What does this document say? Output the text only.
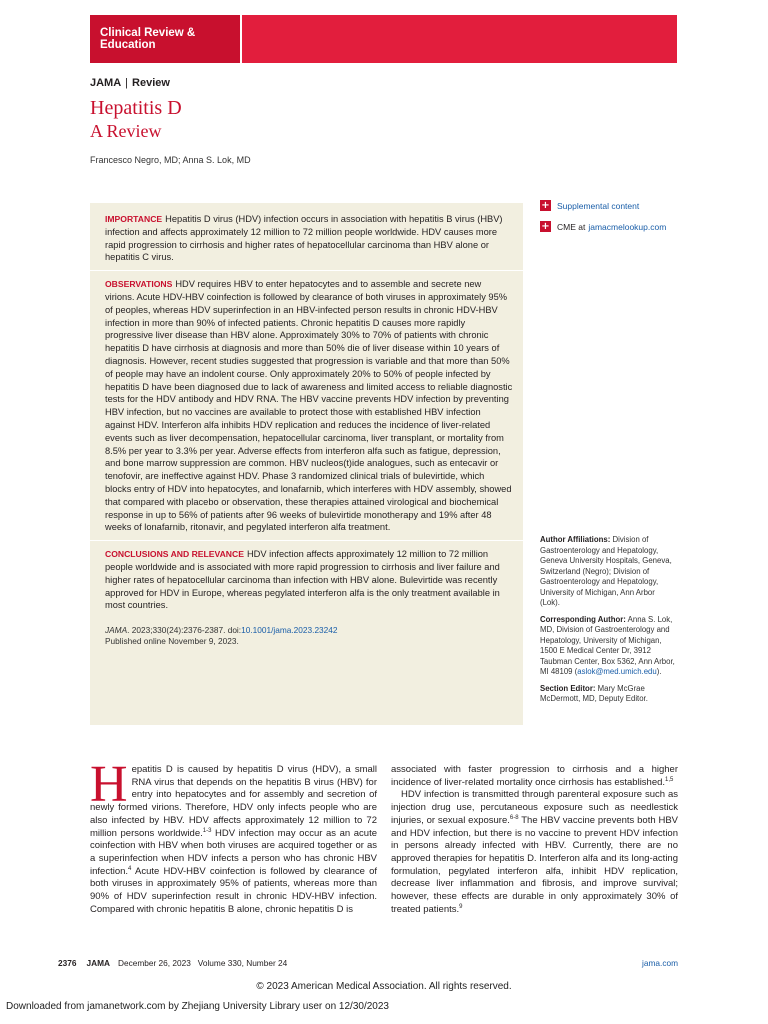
Clinical Review & Education
JAMA | Review
Hepatitis D
A Review
Francesco Negro, MD; Anna S. Lok, MD

IMPORTANCE Hepatitis D virus (HDV) infection occurs in association with hepatitis B virus (HBV) infection and affects approximately 12 million to 72 million people worldwide. HDV causes more rapid progression to cirrhosis and higher rates of hepatocellular carcinoma than HBV alone or hepatitis C virus.

OBSERVATIONS HDV requires HBV to enter hepatocytes and to assemble and secrete new virions. Acute HDV-HBV coinfection is followed by clearance of both viruses in approximately 95% of peoples, whereas HDV superinfection in an HBV-infected person results in chronic HDV-HBV infection in more than 90% of infected patients. Chronic hepatitis D causes more rapidly progressive liver disease than HBV alone. Approximately 30% to 70% of patients with chronic hepatitis D have cirrhosis at diagnosis and more than 50% die of liver disease within 10 years of diagnosis. However, recent studies suggested that progression is variable and that more than 50% of people may have an indolent course. Only approximately 20% to 50% of people infected by hepatitis D have been diagnosed due to lack of awareness and limited access to reliable diagnostic tests for the HDV antibody and HDV RNA. The HBV vaccine prevents HDV infection by preventing HBV infection, but no vaccines are available to protect those with established HBV infection against HDV. Interferon alfa inhibits HDV replication and reduces the incidence of liver-related events such as liver decompensation, hepatocellular carcinoma, liver transplant, or mortality from 8.5% per year to 3.3% per year. Adverse effects from interferon alfa such as fatigue, depression, and bone marrow suppression are common. HBV nucleos(t)ide analogues, such as entecavir or tenofovir, are ineffective against HDV. Phase 3 randomized clinical trials of bulevirtide, which blocks entry of HDV into hepatocytes, and lonafarnib, which interferes with HDV assembly, showed that compared with placebo or observation, these therapies attained virological and biochemical response in up to 56% of patients after 96 weeks of bulevirtide monotherapy and 19% after 48 weeks of lonafarnib, ritonavir, and pegylated interferon alfa treatment.

CONCLUSIONS AND RELEVANCE HDV infection affects approximately 12 million to 72 million people worldwide and is associated with more rapid progression to cirrhosis and liver failure and higher rates of hepatocellular carcinoma than infection with HBV alone. Bulevirtide was recently approved for HDV in Europe, whereas pegylated interferon alfa is the only treatment available in most countries.

JAMA. 2023;330(24):2376-2387. doi:10.1001/jama.2023.23242
Published online November 9, 2023.
+ Supplemental content
+ CME at jamacmelookup.com

Author Affiliations: Division of Gastroenterology and Hepatology, Geneva University Hospitals, Geneva, Switzerland (Negro); Division of Gastroenterology and Hepatology, University of Michigan, Ann Arbor (Lok).

Corresponding Author: Anna S. Lok, MD, Division of Gastroenterology and Hepatology, University of Michigan, 1500 E Medical Center Dr, 3912 Taubman Center, Box 5362, Ann Arbor, MI 48109 (aslok@med.umich.edu).

Section Editor: Mary McGrae McDermott, MD, Deputy Editor.

Hepatitis D is caused by hepatitis D virus (HDV), a small RNA virus that depends on the hepatitis B virus (HBV) for entry into hepatocytes and for assembly and secretion of newly formed virions. Therefore, HDV only infects people who are also infected by HBV. HDV affects approximately 12 million to 72 million persons worldwide.$^{1-3}$ HDV infection may occur as an acute coinfection with HBV when both viruses are acquired together or as a superinfection when HDV infects a person who has chronic HBV infection.$^4$ Acute HDV-HBV coinfection is followed by clearance of both viruses in approximately 95% of patients, whereas more than 90% of HDV superinfection result in chronic HDV-HBV infection. Compared with chronic hepatitis B alone, chronic hepatitis D is

associated with faster progression to cirrhosis and a higher incidence of liver-related mortality once cirrhosis has established.$^{1,5}$

HDV infection is transmitted through parenteral exposure such as injection drug use, percutaneous exposure such as needlestick injuries, or sexual exposure.$^{6-8}$ The HBV vaccine prevents both HBV and HDV infection, but there is no vaccine to prevent HDV infection in persons already infected with HBV. Currently, there are no approved therapies for hepatitis D. Interferon alfa and its long-acting formulation, pegylated interferon alfa, inhibit HDV replication, decrease liver inflammation and fibrosis, and improve survival; however, these effects are durable in only approximately 30% of treated patients.$^9$

2376 JAMA December 26, 2023   Volume 330, Number 24	jama.com
© 2023 American Medical Association. All rights reserved.
Downloaded from jamanetwork.com by Zhejiang University Library user on 12/30/2023
